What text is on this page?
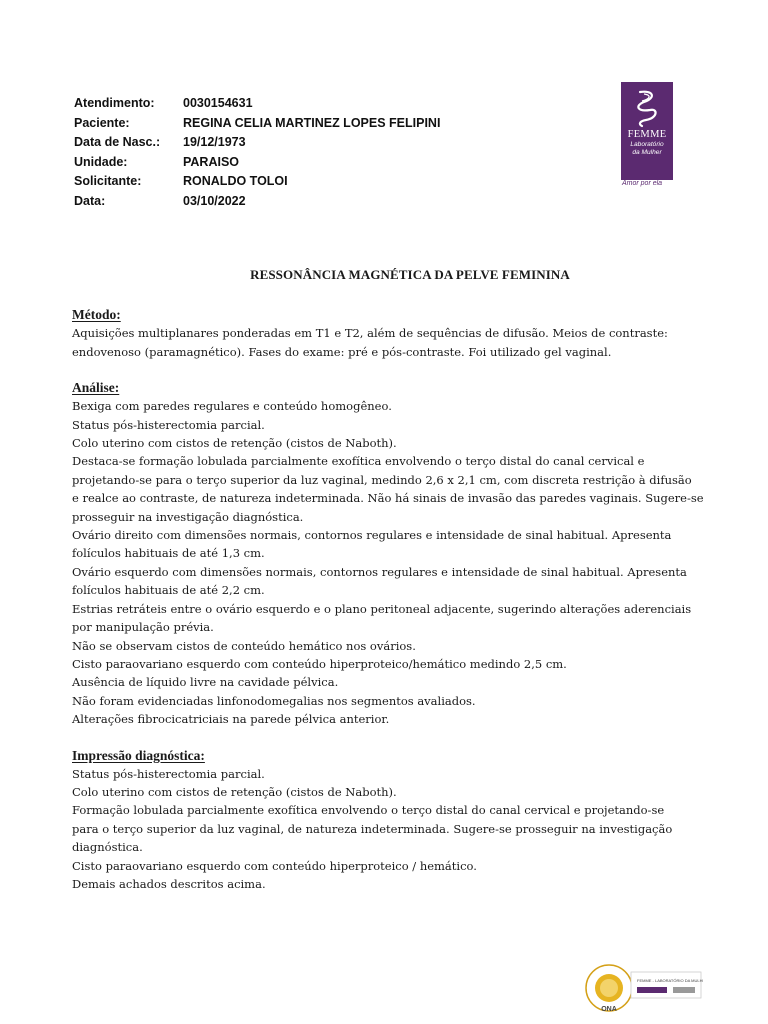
Atendimento: 0030154631
Paciente:	REGINA CELIA MARTINEZ LOPES FELIPINI
Data de Nasc.: 19/12/1973
Unidade:	PARAISO
Solicitante:	RONALDO TOLOI
Data:	03/10/2022
FEMME
Laboratório
da Mulher
Amor por ela
RESSONÂNCIA MAGNÉTICA DA PELVE FEMININA
Método:
Aquisições multiplanares ponderadas em T1 e T2, além de sequências de difusão. Meios de contraste:
endovenoso (paramagnético). Fases do exame: pré e pós-contraste. Foi utilizado gel vaginal.
Análise:
Bexiga com paredes regulares e conteúdo homogêneo.
Status pós-histerectomia parcial.
Colo uterino com cistos de retenção (cistos de Naboth).
Destaca-se formação lobulada parcialmente exofítica envolvendo o terço distal do canal cervical e
projetando-se para o terço superior da luz vaginal, medindo 2,6 x 2,1 cm, com discreta restrição à difusão
e realce ao contraste, de natureza indeterminada. Não há sinais de invasão das paredes vaginais. Sugere-se
prosseguir na investigação diagnóstica.
Ovário direito com dimensões normais, contornos regulares e intensidade de sinal habitual. Apresenta
folículos habituais de até 1,3 cm.
Ovário esquerdo com dimensões normais, contornos regulares e intensidade de sinal habitual. Apresenta
folículos habituais de até 2,2 cm.
Estrias retráteis entre o ovário esquerdo e o plano peritoneal adjacente, sugerindo alterações aderenciais
por manipulação prévia.
Não se observam cistos de conteúdo hemático nos ovários.
Cisto paraovariano esquerdo com conteúdo hiperproteico/hemático medindo 2,5 cm.
Ausência de líquido livre na cavidade pélvica.
Não foram evidenciadas linfonodomegalias nos segmentos avaliados.
Alterações fibrocicatriciais na parede pélvica anterior.
Impressão diagnóstica:
Status pós-histerectomia parcial.
Colo uterino com cistos de retenção (cistos de Naboth).
Formação lobulada parcialmente exofítica envolvendo o terço distal do canal cervical e projetando-se
para o terço superior da luz vaginal, de natureza indeterminada. Sugere-se prosseguir na investigação
diagnóstica.
Cisto paraovariano esquerdo com conteúdo hiperproteico / hemático.
Demais achados descritos acima.
ONA
FEMME - LABORATÓRIO DA MULHER
